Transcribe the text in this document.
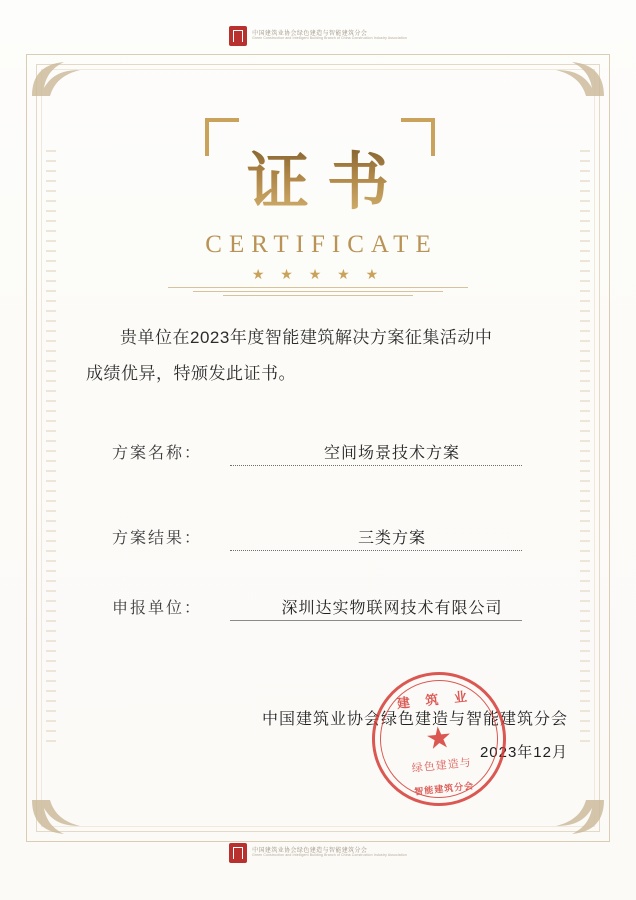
中国建筑业协会绿色建造与智能建筑分会
Green Construction and Intelligent Building Branch of China Construction Industry Association
证书
CERTIFICATE
★ ★ ★ ★ ★
贵单位在2023年度智能建筑解决方案征集活动中
成绩优异，特颁发此证书。
方案名称：	空间场景技术方案
方案结果：	三类方案
申报单位：	深圳达实物联网技术有限公司
中国建筑业协会绿色建造与智能建筑分会
2023年12月
建 筑 业
★
绿色建造与
智能建筑分会
中国建筑业协会绿色建造与智能建筑分会
Green Construction and Intelligent Building Branch of China Construction Industry Association
